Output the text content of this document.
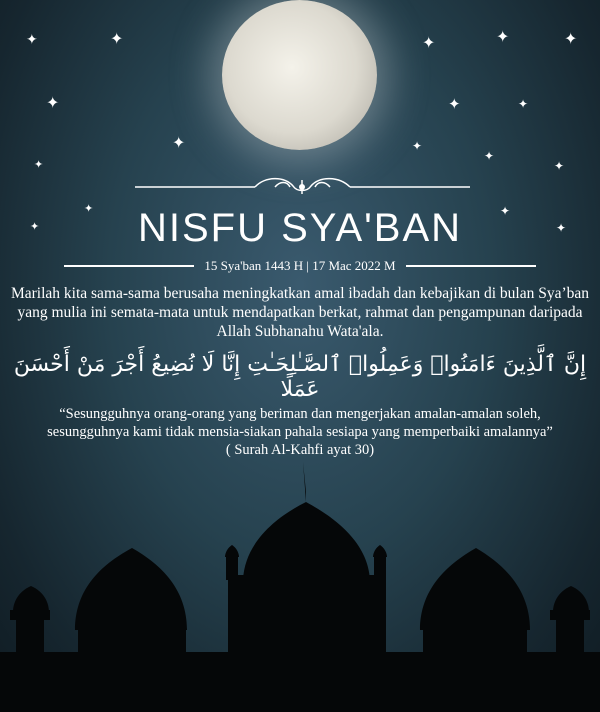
✦	✦
✦
✦
✦
✦
✦
✦	✦	✦
✦	✦
✦
✦
✦
✦
✦
NISFU SYA'BAN
15 Sya'ban 1443 H | 17 Mac 2022 M
Marilah kita sama-sama berusaha meningkatkan amal ibadah dan kebajikan di bulan Sya’ban
yang mulia ini semata-mata untuk mendapatkan berkat, rahmat dan pengampunan daripada
Allah Subhanahu Wata'ala.
إِنَّ ٱلَّذِينَ ءَامَنُوا۟ وَعَمِلُوا۟ ٱلصَّـٰلِحَـٰتِ إِنَّا لَا نُضِيعُ أَجْرَ مَنْ أَحْسَنَ عَمَلًا
“Sesungguhnya orang-orang yang beriman dan mengerjakan amalan-amalan soleh,
sesungguhnya kami tidak mensia-siakan pahala sesiapa yang memperbaiki amalannya”
( Surah Al-Kahfi ayat 30)
